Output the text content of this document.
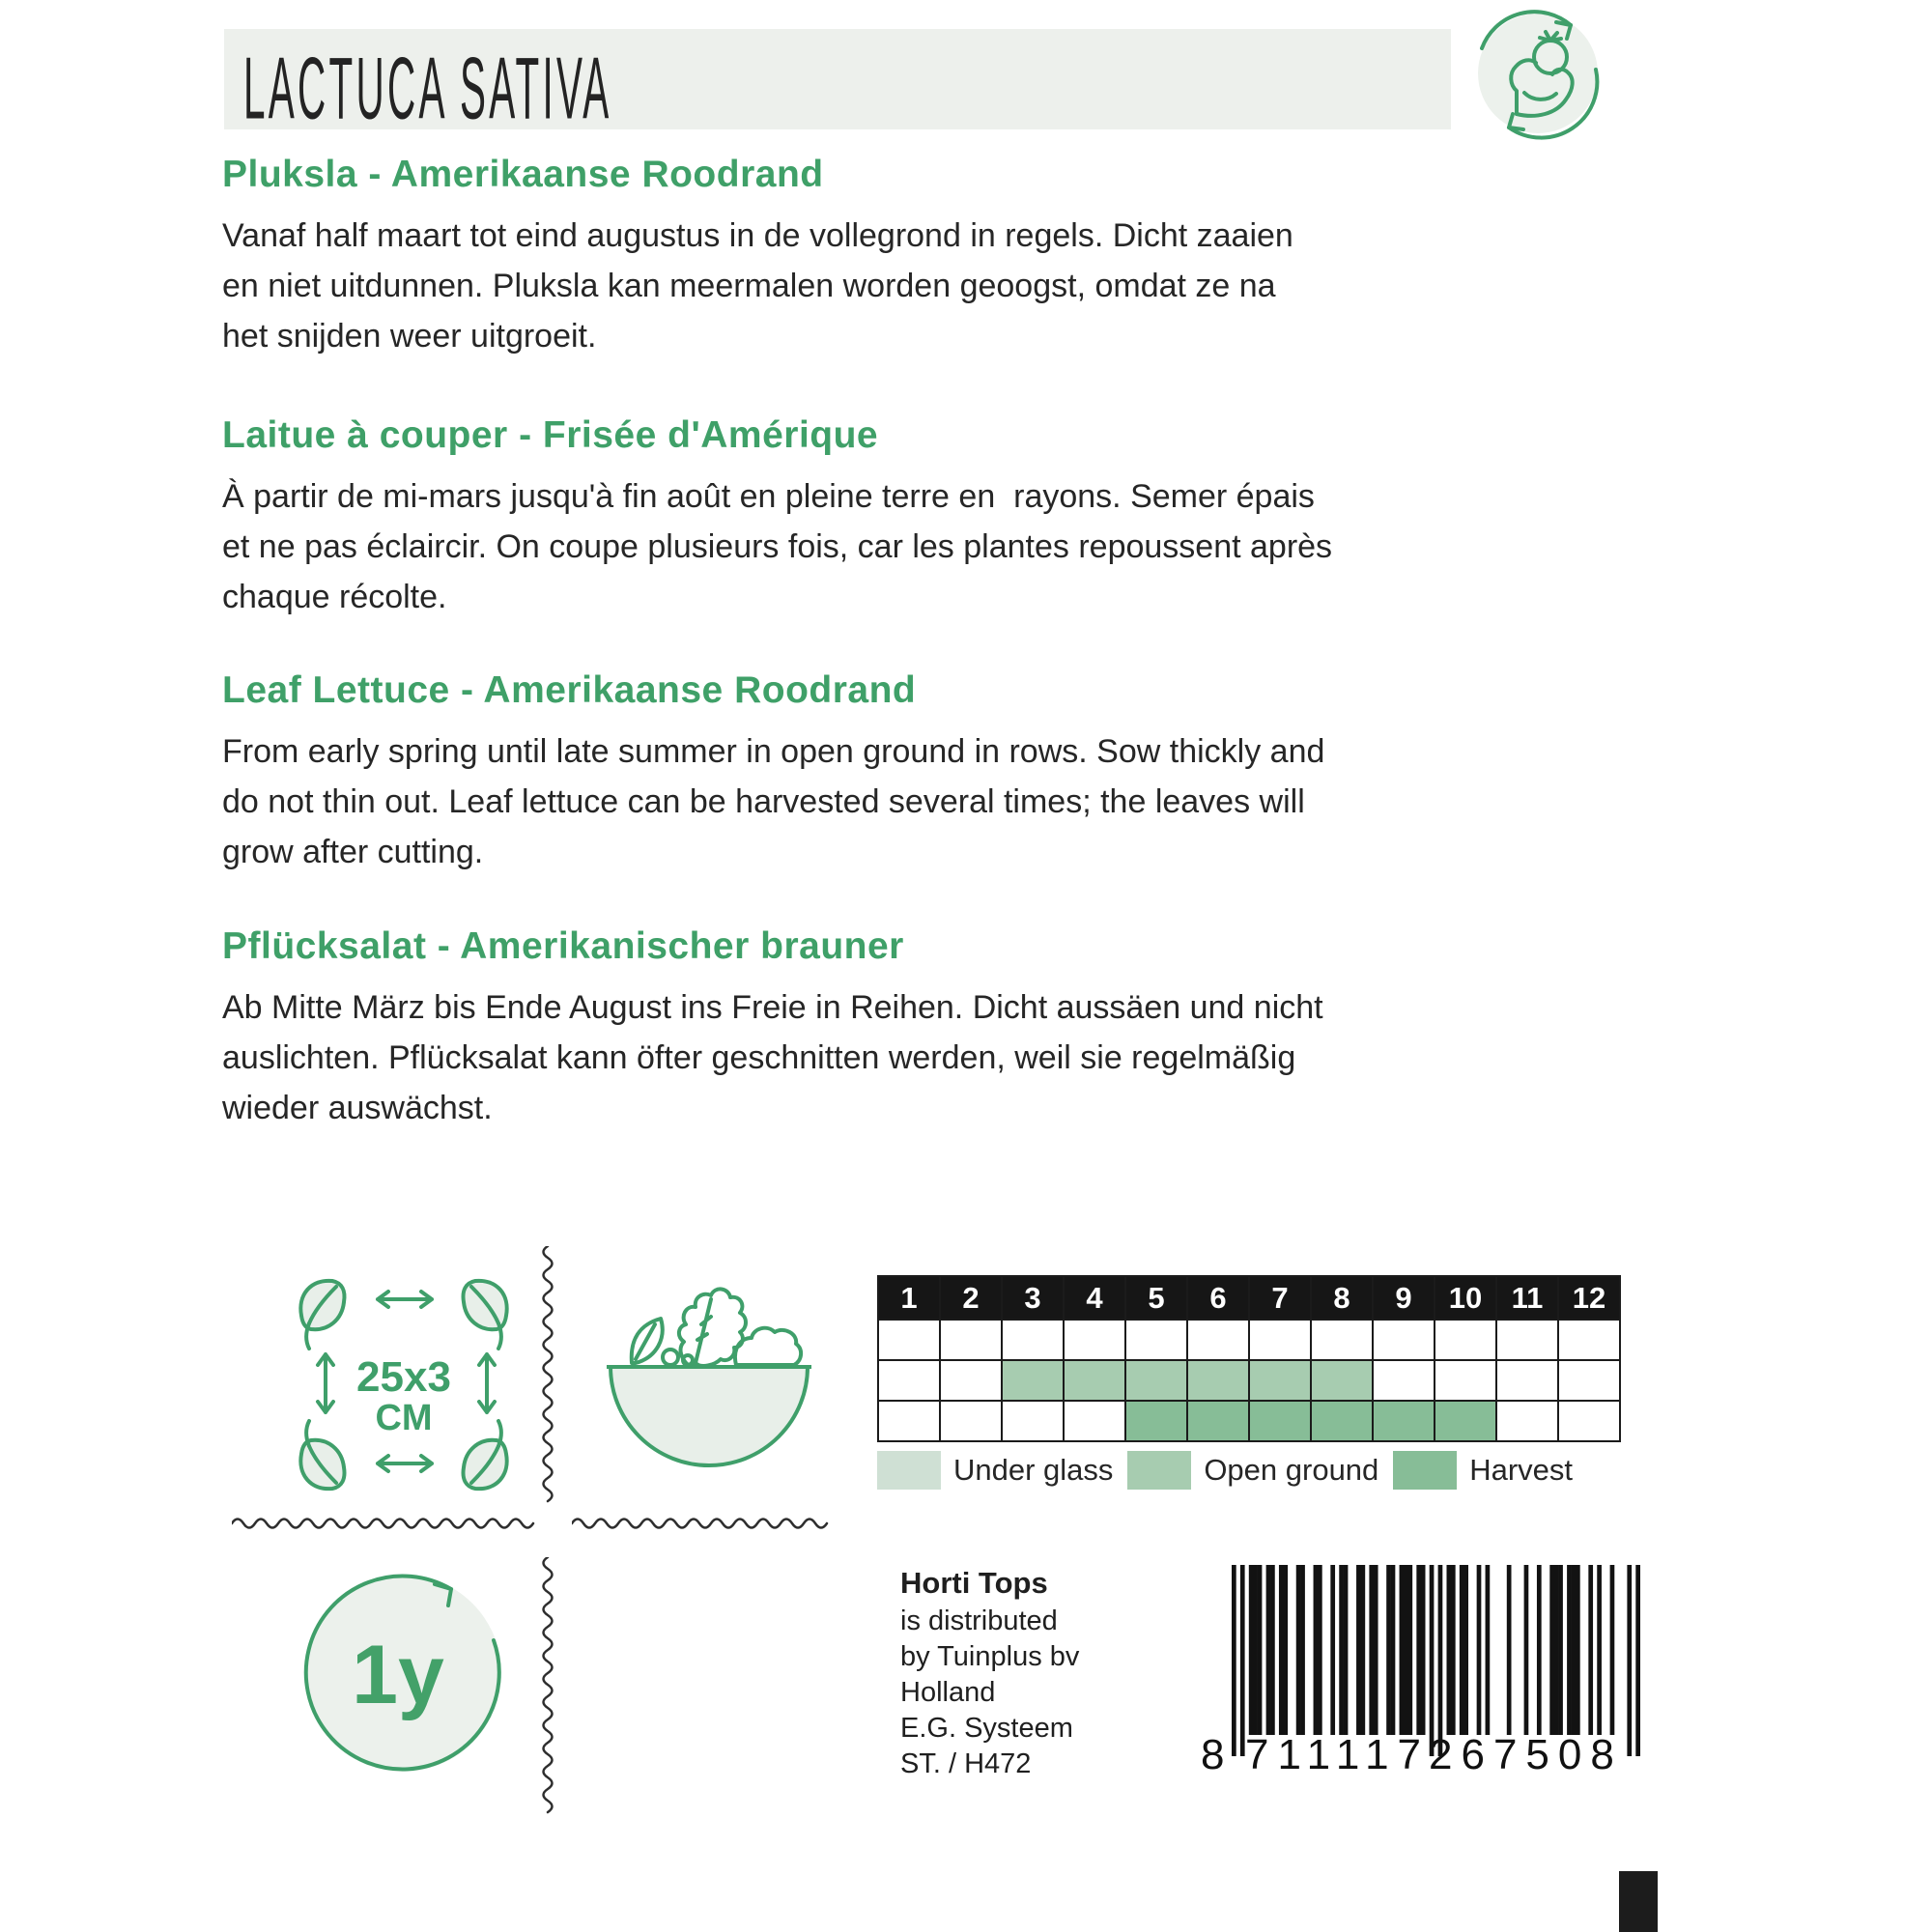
LACTUCA SATIVA
Pluksla - Amerikaanse Roodrand
Vanaf half maart tot eind augustus in de vollegrond in regels. Dicht zaaien
en niet uitdunnen. Pluksla kan meermalen worden geoogst, omdat ze na
het snijden weer uitgroeit.
Laitue à couper - Frisée d'Amérique
À partir de mi-mars jusqu'à fin août en pleine terre en  rayons. Semer épais
et ne pas éclaircir. On coupe plusieurs fois, car les plantes repoussent après
chaque récolte.
Leaf Lettuce - Amerikaanse Roodrand
From early spring until late summer in open ground in rows. Sow thickly and
do not thin out. Leaf lettuce can be harvested several times; the leaves will
grow after cutting.
Pflücksalat - Amerikanischer brauner
Ab Mitte März bis Ende August ins Freie in Reihen. Dicht aussäen und nicht
auslichten. Pflücksalat kann öfter geschnitten werden, weil sie regelmäßig
wieder auswächst.
25x3
CM
1	2	3	4	5	6	7	8	9	10	11	12

Under glass	Open ground	Harvest
1y
Horti Tops
is distributed
by Tuinplus bv
Holland
E.G. Systeem
ST. / H472	8 711117
267508
